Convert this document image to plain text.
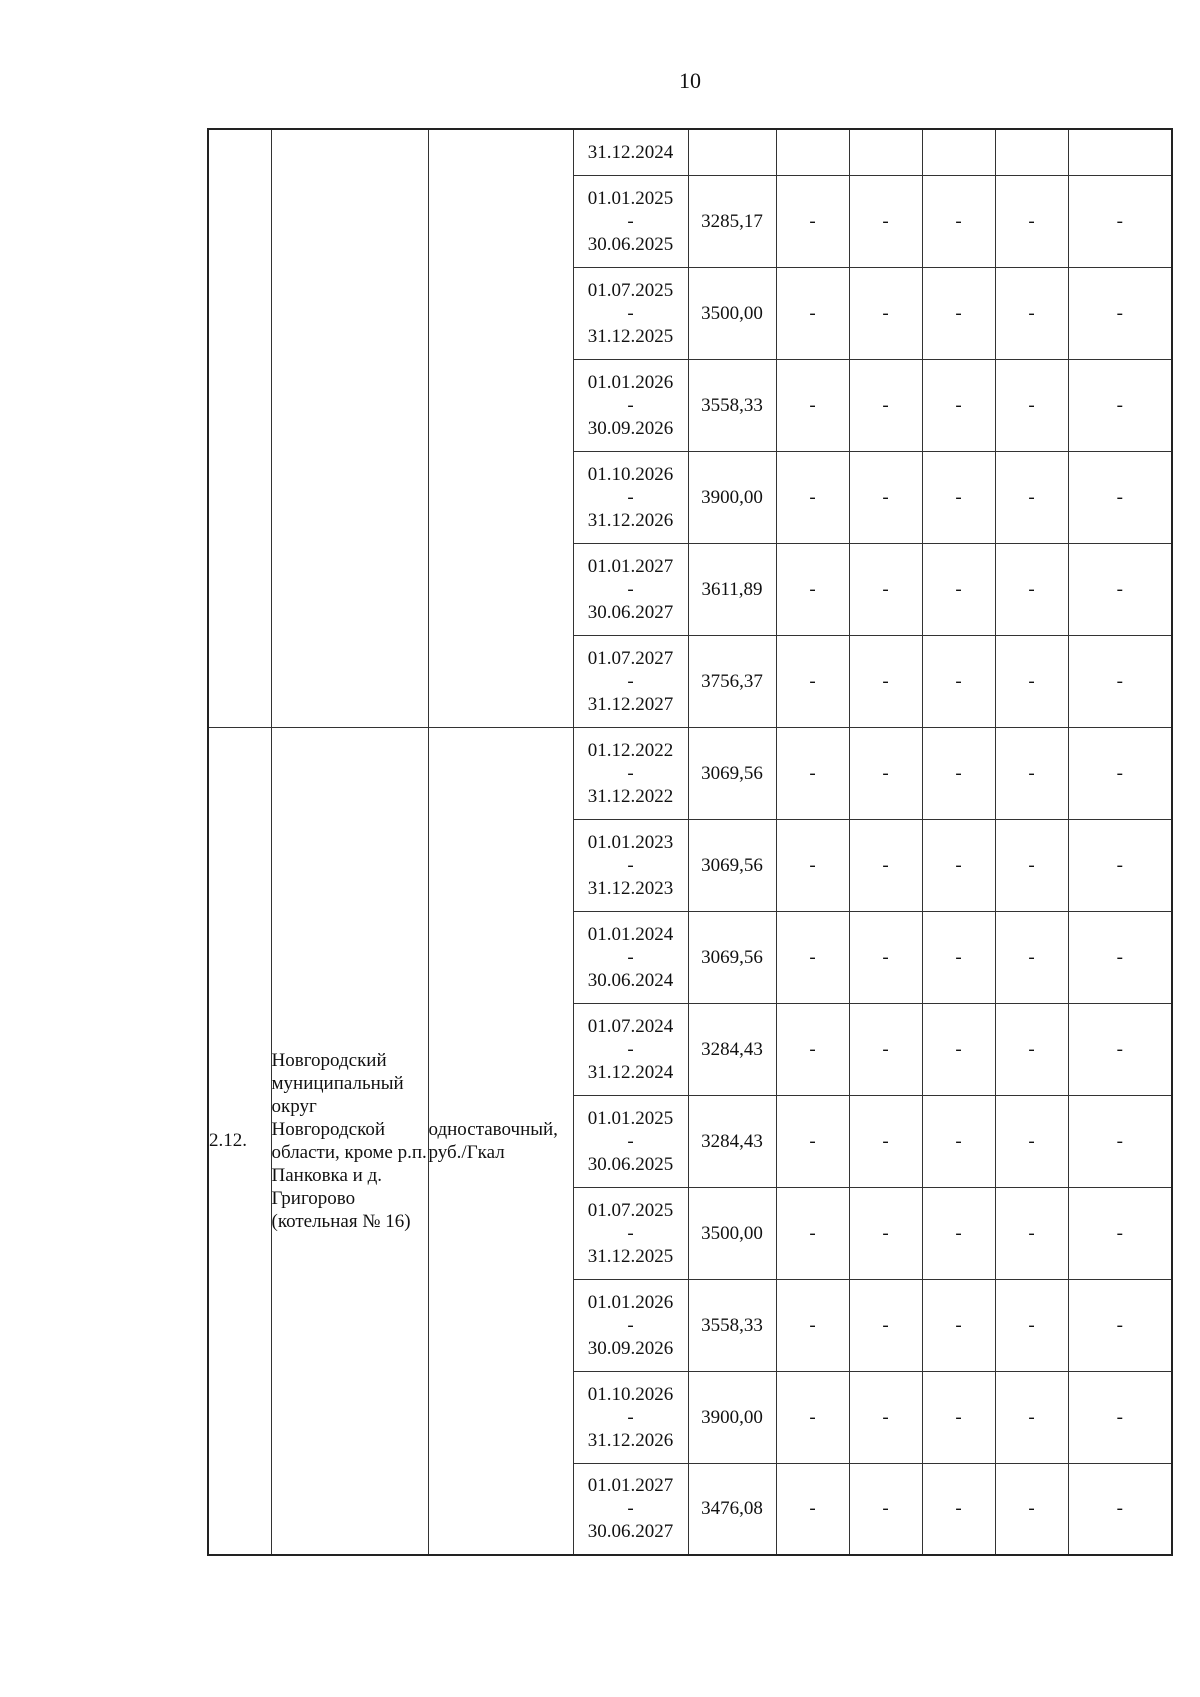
10

			31.12.2024						

			01.01.2025
-
30.06.2025	3285,17	-	-	-	-	-

			01.07.2025
-
31.12.2025	3500,00	-	-	-	-	-

			01.01.2026
-
30.09.2026	3558,33	-	-	-	-	-

			01.10.2026
-
31.12.2026	3900,00	-	-	-	-	-

			01.01.2027
-
30.06.2027	3611,89	-	-	-	-	-

			01.07.2027
-
31.12.2027	3756,37	-	-	-	-	-
2.12.	Новгородский муниципальный округ Новгородской области, кроме р.п. Панковка и д. Григорово (котельная № 16)	одноставочный, руб./Гкал	01.12.2022
-
31.12.2022	3069,56	-	-	-	-	-

			01.01.2023
-
31.12.2023	3069,56	-	-	-	-	-

			01.01.2024
-
30.06.2024	3069,56	-	-	-	-	-

			01.07.2024
-
31.12.2024	3284,43	-	-	-	-	-

			01.01.2025
-
30.06.2025	3284,43	-	-	-	-	-

			01.07.2025
-
31.12.2025	3500,00	-	-	-	-	-

			01.01.2026
-
30.09.2026	3558,33	-	-	-	-	-

			01.10.2026
-
31.12.2026	3900,00	-	-	-	-	-

			01.01.2027
-
30.06.2027	3476,08	-	-	-	-	-
